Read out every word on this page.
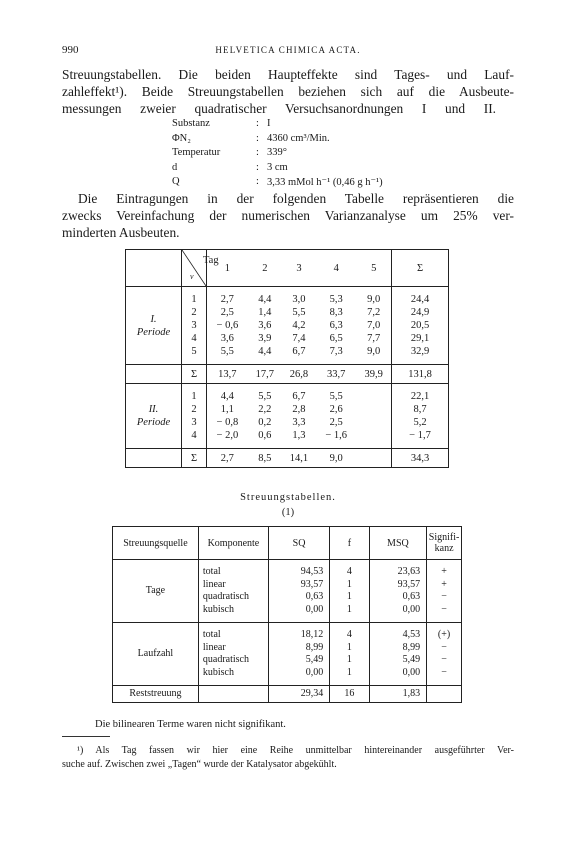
990	HELVETICA CHIMICA ACTA.
Streuungstabellen. Die beiden Haupteffekte sind Tages- und Lauf-
zahleffekt¹). Beide Streuungstabellen beziehen sich auf die Ausbeute-
messungen zweier quadratischer Versuchsanordnungen I und II.
Substanz	: I
ΦN₂	: 4360 cm³/Min.
Temperatur	: 339°
d	: 3 cm
Q	: 3,33 mMol h⁻¹ (0,46 g h⁻¹)
Die Eintragungen in der folgenden Tabelle repräsentieren die
zwecks Vereinfachung der numerischen Varianzanalyse um 25% ver-
minderten Ausbeuten.

	Tag
ν	1	2	3	4	5	Σ

I.
Periode	1	2,7	4,4	3,0	5,3	9,0	24,4
	2	2,5	1,4	5,5	8,3	7,2	24,9
	3	− 0,6	3,6	4,2	6,3	7,0	20,5
	4	3,6	3,9	7,4	6,5	7,7	29,1
	5	5,5	4,4	6,7	7,3	9,0	32,9

	Σ	13,7	17,7	26,8	33,7	39,9	131,8

II.
Periode	1	4,4	5,5	6,7	5,5		22,1
	2	1,1	2,2	2,8	2,6		8,7
	3	− 0,8	0,2	3,3	2,5		5,2
	4	− 2,0	0,6	1,3	− 1,6		− 1,7

	Σ	2,7	8,5	14,1	9,0		34,3
Streuungstabellen.
(1)
Streuungsquelle	Komponente	SQ	f	MSQ	Signifi-
kanz

Tage	total	94,53	4	23,63	+
	linear	93,57	1	93,57	+
	quadratisch	0,63	1	0,63	−
	kubisch	0,00	1	0,00	−

Laufzahl	total	18,12	4	4,53	(+)
	linear	8,99	1	8,99	−
	quadratisch	5,49	1	5,49	−
	kubisch	0,00	1	0,00	−

Reststreuung		29,34	16	1,83	
Die bilinearen Terme waren nicht signifikant.
¹) Als Tag fassen wir hier eine Reihe unmittelbar hintereinander ausgeführter Ver-
suche auf. Zwischen zwei „Tagen“ wurde der Katalysator abgekühlt.
